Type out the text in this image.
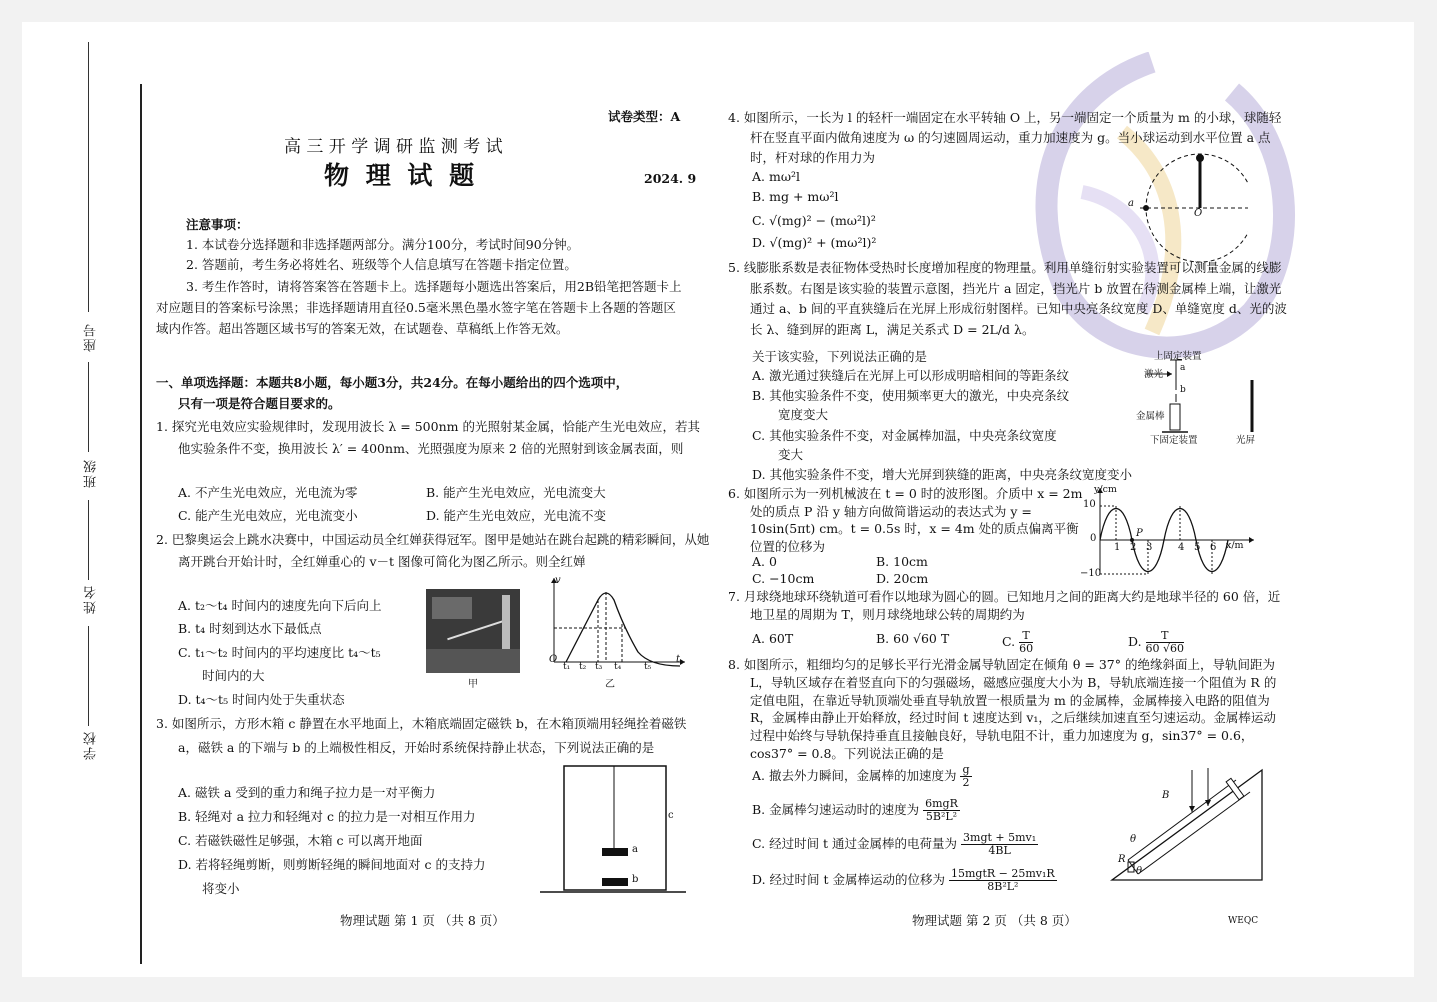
座号
班级
姓名
学校
试卷类型：A
高 三 开 学 调 研 监 测 考 试
物 理 试 题	2024. 9
注意事项：
1. 本试卷分选择题和非选择题两部分。满分100分，考试时间90分钟。
2. 答题前，考生务必将姓名、班级等个人信息填写在答题卡指定位置。
3. 考生作答时，请将答案答在答题卡上。选择题每小题选出答案后，用2B铅笔把答题卡上对应题目的答案标号涂黑；非选择题请用直径0.5毫米黑色墨水签字笔在答题卡上各题的答题区域内作答。超出答题区域书写的答案无效，在试题卷、草稿纸上作答无效。
一、单项选择题：本题共8小题，每小题3分，共24分。在每小题给出的四个选项中，
只有一项是符合题目要求的。
1. 探究光电效应实验规律时，发现用波长 λ = 500nm 的光照射某金属，恰能产生光电效应，若其他实验条件不变，换用波长 λ′ = 400nm、光照强度为原来 2 倍的光照射到该金属表面，则
A. 不产生光电效应，光电流为零	B. 能产生光电效应，光电流变大
C. 能产生光电效应，光电流变小	D. 能产生光电效应，光电流不变
2. 巴黎奥运会上跳水决赛中，中国运动员全红婵获得冠军。图甲是她站在跳台起跳的精彩瞬间，从她离开跳台开始计时，全红婵重心的 v－t 图像可简化为图乙所示。则全红婵
A. t₂～t₄ 时间内的速度先向下后向上
B. t₄ 时刻到达水下最低点
C. t₁～t₂ 时间内的平均速度比 t₄～t₅
时间内的大
D. t₄～t₅ 时间内处于失重状态
甲
v
O	t
t₁ t₂ t₃ t₄	t₅
乙
3. 如图所示，方形木箱 c 静置在水平地面上，木箱底端固定磁铁 b，在木箱顶端用轻绳拴着磁铁 a，磁铁 a 的下端与 b 的上端极性相反，开始时系统保持静止状态，下列说法正确的是
A. 磁铁 a 受到的重力和绳子拉力是一对平衡力
B. 轻绳对 a 拉力和轻绳对 c 的拉力是一对相互作用力
C. 若磁铁磁性足够强，木箱 c 可以离开地面
D. 若将轻绳剪断，则剪断轻绳的瞬间地面对 c 的支持力
将变小
a
b
c
物理试题 第 1 页 （共 8 页）
4. 如图所示，一长为 l 的轻杆一端固定在水平转轴 O 上，另一端固定一个质量为 m 的小球，球随轻杆在竖直平面内做角速度为 ω 的匀速圆周运动，重力加速度为 g。当小球运动到水平位置 a 点时，杆对球的作用力为
A. mω²l
B. mg + mω²l
C. √(mg)² − (mω²l)²
D. √(mg)² + (mω²l)²
a
O
5. 线膨胀系数是表征物体受热时长度增加程度的物理量。利用单缝衍射实验装置可以测量金属的线膨胀系数。右图是该实验的装置示意图，挡光片 a 固定，挡光片 b 放置在待测金属棒上端，让激光通过 a、b 间的平直狭缝后在光屏上形成衍射图样。已知中央亮条纹宽度 D、单缝宽度 d、光的波长 λ、缝到屏的距离 L，满足关系式 D = 2L/d λ。
关于该实验，下列说法正确的是
A. 激光通过狭缝后在光屏上可以形成明暗相间的等距条纹
B. 其他实验条件不变，使用频率更大的激光，中央亮条纹
宽度变大
C. 其他实验条件不变，对金属棒加温，中央亮条纹宽度
变大
D. 其他实验条件不变，增大光屏到狭缝的距离，中央亮条纹宽度变小
上固定装置
激光
a
b
金属棒
下固定装置	光屏
6. 如图所示为一列机械波在 t = 0 时的波形图。介质中 x = 2m 处的质点 P 沿 y 轴方向做简谐运动的表达式为 y = 10sin(5πt) cm。t = 0.5s 时，x = 4m 处的质点偏离平衡位置的位移为
A. 0	B. 10cm
C. −10cm	D. 20cm
y/cm
x/m
10
0
−10
P
1 2 3	4 5 6
7. 月球绕地球环绕轨道可看作以地球为圆心的圆。已知地月之间的距离大约是地球半径的 60 倍，近地卫星的周期为 T，则月球绕地球公转的周期约为
A. 60T	B. 60 √60 T	C. $\frac{T}{60}$	D. $\frac{T}{60 √60}$
8. 如图所示，粗细均匀的足够长平行光滑金属导轨固定在倾角 θ = 37° 的绝缘斜面上，导轨间距为 L，导轨区域存在着竖直向下的匀强磁场，磁感应强度大小为 B，导轨底端连接一个阻值为 R 的定值电阻，在靠近导轨顶端处垂直导轨放置一根质量为 m 的金属棒，金属棒接入电路的阻值为 R，金属棒由静止开始释放，经过时间 t 速度达到 v₁，之后继续加速直至匀速运动。金属棒运动过程中始终与导轨保持垂直且接触良好，导轨电阻不计，重力加速度为 g，sin37° = 0.6，cos37° = 0.8。下列说法正确的是
A. 撤去外力瞬间，金属棒的加速度为 $\frac{g}{2}$
B. 金属棒匀速运动时的速度为 $\frac{\text{6mgR}}{\text{5B²L²}}$
C. 经过时间 t 通过金属棒的电荷量为 $\frac{\text{3mgt + 5mv₁}}{4BL}$
D. 经过时间 t 金属棒运动的位移为 $\frac{\text{15mgtR − 25mv₁R}}{\text{8B²L²}}$
B
R
θ
θ
物理试题 第 2 页 （共 8 页）	WEQC
